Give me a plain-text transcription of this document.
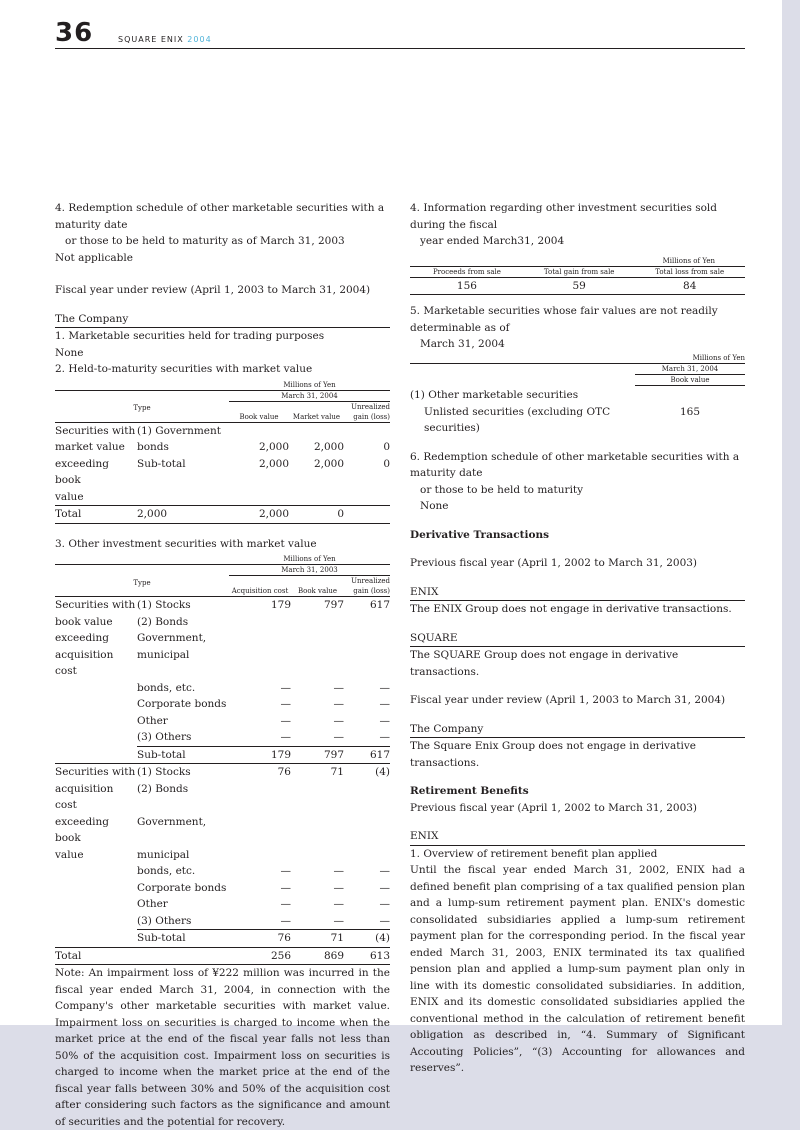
36	SQUARE ENIX 2004

4. Redemption schedule of other marketable securities with a maturity date

or those to be held to maturity as of March 31, 2003

Not applicable

Fiscal year under review (April 1, 2003 to March 31, 2004)

The Company

1. Marketable securities held for trading purposes

None

2. Held-to-maturity securities with market value

		Millions of Yen		
		March 31, 2004		
Type		Book value	Market value	Unrealized
gain (loss)
Securities with	(1) Government			
market value	bonds	2,000	2,000	0
exceeding book	Sub-total	2,000	2,000	0
value				
Total	2,000	2,000	0	

3. Other investment securities with market value

		Millions of Yen		
		March 31, 2003		
Type		Acquisition cost	Book value	Unrealized
gain (loss)
Securities with	(1) Stocks	179	797	617
book value	(2) Bonds			
exceeding	Government,			
acquisition cost	municipal			
	bonds, etc.	—	—	—
	Corporate bonds	—	—	—
	Other	—	—	—
	(3) Others	—	—	—
	Sub-total	179	797	617
Securities with	(1) Stocks	76	71	(4)
acquisition cost	(2) Bonds			
exceeding book	Government,			
value	municipal			
	bonds, etc.	—	—	—
	Corporate bonds	—	—	—
	Other	—	—	—
	(3) Others	—	—	—
	Sub-total	76	71	(4)
Total		256	869	613

Note: An impairment loss of ¥222 million was incurred in the fiscal year ended March 31, 2004, in connection with the Company's other marketable securities with market value. Impairment loss on securities is charged to income when the market price at the end of the fiscal year falls not less than 50% of the acquisition cost. Impairment loss on securities is charged to income when the market price at the end of the fiscal year falls between 30% and 50% of the acquisition cost after considering such factors as the significance and amount of securities and the potential for recovery.

4. Information regarding other investment securities sold during the fiscal

year ended March31, 2004

		Millions of Yen
Proceeds from sale	Total gain from sale	Total loss from sale
156	59	84

5. Marketable securities whose fair values are not readily determinable as of

March 31, 2004

	Millions of Yen
	March 31, 2004
	Book value
(1) Other marketable securities	
Unlisted securities (excluding OTC securities)	165

6. Redemption schedule of other marketable securities with a maturity date

or those to be held to maturity

None

Derivative Transactions

Previous fiscal year (April 1, 2002 to March 31, 2003)

ENIX

The ENIX Group does not engage in derivative transactions.

SQUARE

The SQUARE Group does not engage in derivative transactions.

Fiscal year under review (April 1, 2003 to March 31, 2004)

The Company

The Square Enix Group does not engage in derivative transactions.

Retirement Benefits

Previous fiscal year (April 1, 2002 to March 31, 2003)

ENIX

1. Overview of retirement benefit plan applied

Until the fiscal year ended March 31, 2002, ENIX had a defined benefit plan comprising of a tax qualified pension plan and a lump-sum retirement payment plan. ENIX's domestic consolidated subsidiaries applied a lump-sum retirement payment plan for the corresponding period. In the fiscal year ended March 31, 2003, ENIX terminated its tax qualified pension plan and applied a lump-sum payment plan only in line with its domestic consolidated subsidiaries. In addition, ENIX and its domestic consolidated subsidiaries applied the conventional method in the calculation of retirement benefit obligation as described in, “4. Summary of Significant Accouting Policies”, “(3) Accounting for allowances and reserves”.
